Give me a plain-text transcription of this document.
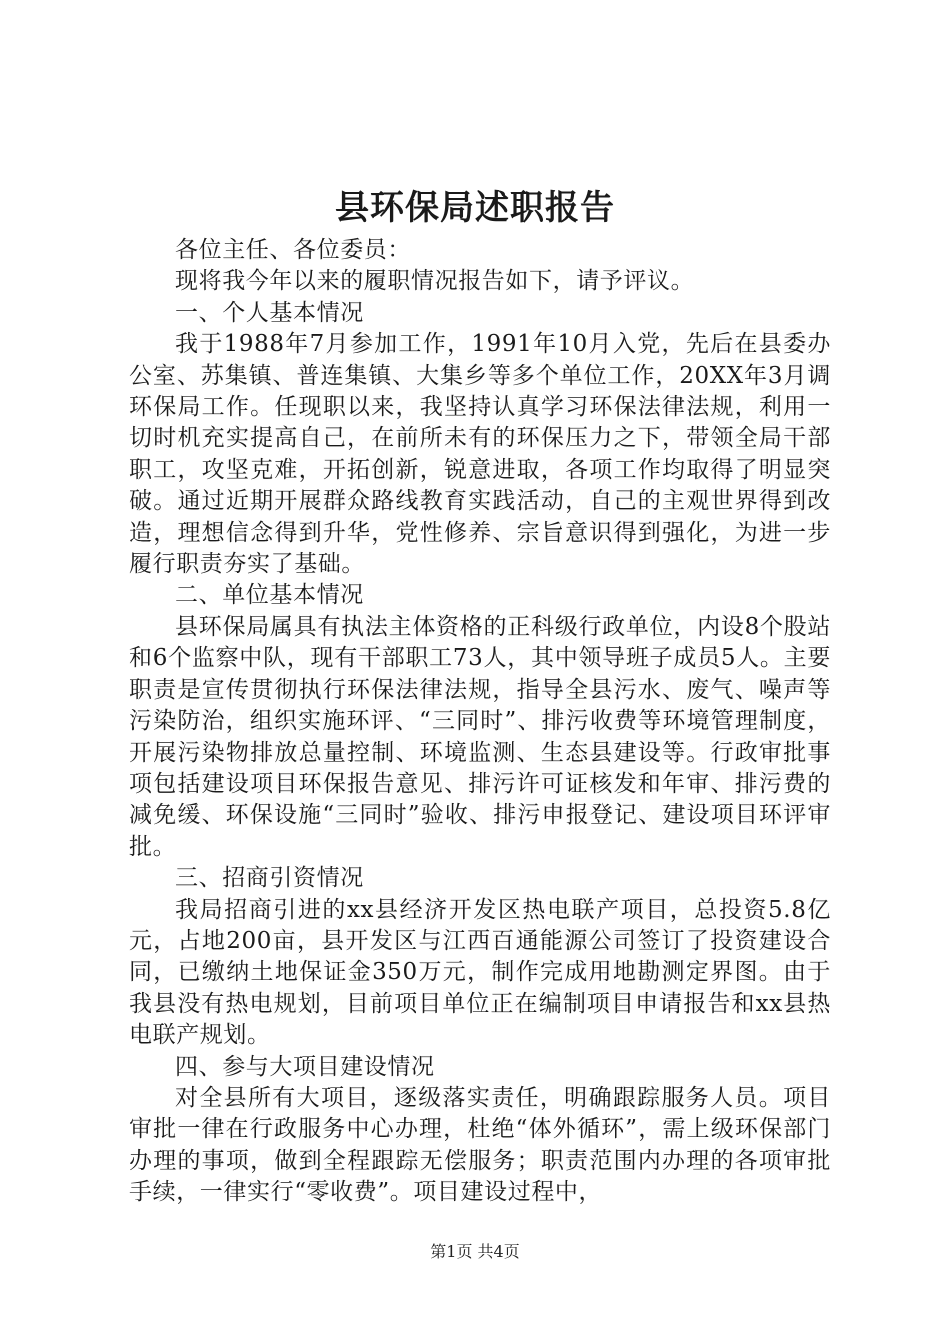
县环保局述职报告

各位主任、各位委员：

现将我今年以来的履职情况报告如下，请予评议。

一、个人基本情况

我于1988年7月参加工作，1991年10月入党，先后在县委办公室、苏集镇、普连集镇、大集乡等多个单位工作，20XX年3月调环保局工作。任现职以来，我坚持认真学习环保法律法规，利用一切时机充实提高自己，在前所未有的环保压力之下，带领全局干部职工，攻坚克难，开拓创新，锐意进取，各项工作均取得了明显突破。通过近期开展群众路线教育实践活动，自己的主观世界得到改造，理想信念得到升华，党性修养、宗旨意识得到强化，为进一步履行职责夯实了基础。

二、单位基本情况

县环保局属具有执法主体资格的正科级行政单位，内设8个股站和6个监察中队，现有干部职工73人，其中领导班子成员5人。主要职责是宣传贯彻执行环保法律法规，指导全县污水、废气、噪声等污染防治，组织实施环评、“三同时”、排污收费等环境管理制度，开展污染物排放总量控制、环境监测、生态县建设等。行政审批事项包括建设项目环保报告意见、排污许可证核发和年审、排污费的减免缓、环保设施“三同时”验收、排污申报登记、建设项目环评审批。

三、招商引资情况

我局招商引进的xx县经济开发区热电联产项目，总投资5.8亿元，占地200亩，县开发区与江西百通能源公司签订了投资建设合同，已缴纳土地保证金350万元，制作完成用地勘测定界图。由于我县没有热电规划，目前项目单位正在编制项目申请报告和xx县热电联产规划。

四、参与大项目建设情况

对全县所有大项目，逐级落实责任，明确跟踪服务人员。项目审批一律在行政服务中心办理，杜绝“体外循环”，需上级环保部门办理的事项，做到全程跟踪无偿服务；职责范围内办理的各项审批手续，一律实行“零收费”。项目建设过程中，

第1页 共4页
